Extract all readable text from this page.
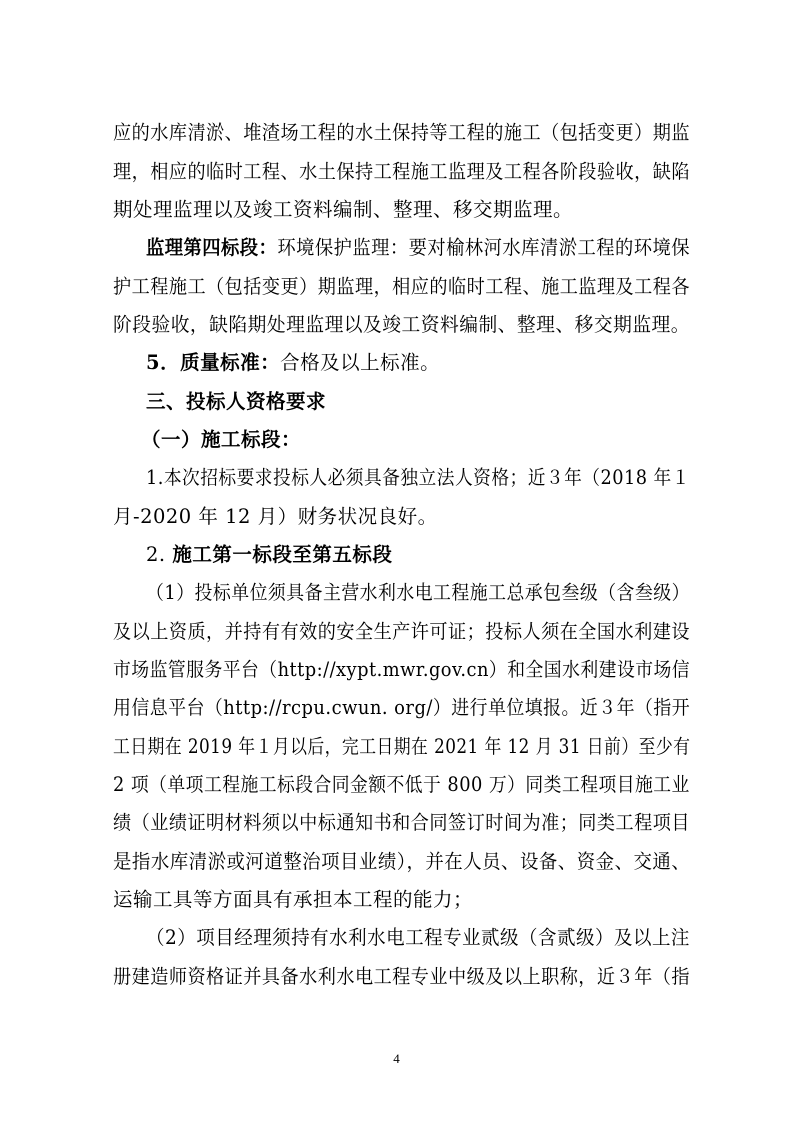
应的水库清淤、堆渣场工程的水土保持等工程的施工（包括变更）期监
理，相应的临时工程、水土保持工程施工监理及工程各阶段验收，缺陷
期处理监理以及竣工资料编制、整理、移交期监理。
监理第四标段：环境保护监理：要对榆林河水库清淤工程的环境保
护工程施工（包括变更）期监理，相应的临时工程、施工监理及工程各
阶段验收，缺陷期处理监理以及竣工资料编制、整理、移交期监理。
5．质量标准：合格及以上标准。
三、投标人资格要求
（一）施工标段：
1.本次招标要求投标人必须具备独立法人资格；近３年（2018 年１
月-2020 年 12 月）财务状况良好。
2. 施工第一标段至第五标段
（1）投标单位须具备主营水利水电工程施工总承包叁级（含叁级）
及以上资质，并持有有效的安全生产许可证；投标人须在全国水利建设
市场监管服务平台（http://xypt.mwr.gov.cn）和全国水利建设市场信
用信息平台（http://rcpu.cwun. org/）进行单位填报。近３年（指开
工日期在 2019 年１月以后，完工日期在 2021 年 12 月 31 日前）至少有
2 项（单项工程施工标段合同金额不低于 800 万）同类工程项目施工业
绩（业绩证明材料须以中标通知书和合同签订时间为准；同类工程项目
是指水库清淤或河道整治项目业绩），并在人员、设备、资金、交通、
运输工具等方面具有承担本工程的能力；
（2）项目经理须持有水利水电工程专业贰级（含贰级）及以上注
册建造师资格证并具备水利水电工程专业中级及以上职称，近３年（指
4
